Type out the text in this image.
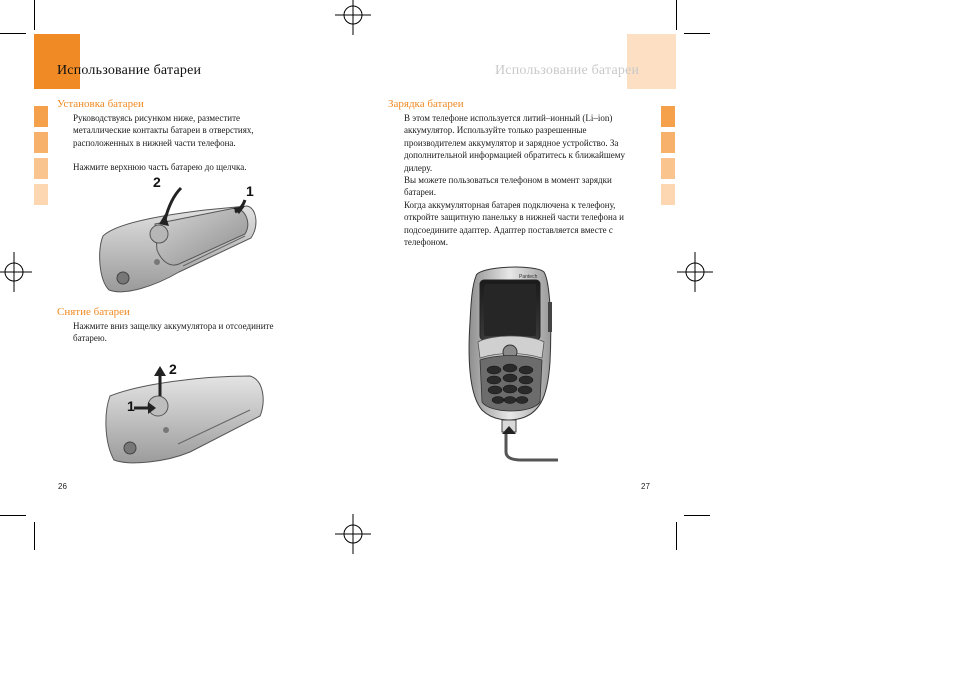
Использование батареи
Установка батареи
Руководствуясь рисунком ниже, разместите
металлические контакты батареи в отверстиях,
расположенных в нижней части телефона.
Нажмите верхнюю часть батарею до щелчка.
2
1
Снятие батареи
Нажмите вниз защелку аккумулятора и отсоедините
батарею.
2
1
26
Использование батареи
Зарядка батареи
В этом телефоне используется литий–ионный (Li–ion)
аккумулятор. Используйте только разрешенные
производителем аккумулятор и зарядное устройство. За
дополнительной информацией обратитесь к ближайшему
дилеру.
Вы можете пользоваться телефоном в момент зарядки
батареи.
Когда аккумуляторная батарея подключена к телефону,
откройте защитную панельку в нижней части телефона и
подсоедините адаптер. Адаптер поставляется вместе с
телефоном.
Pantech
27
